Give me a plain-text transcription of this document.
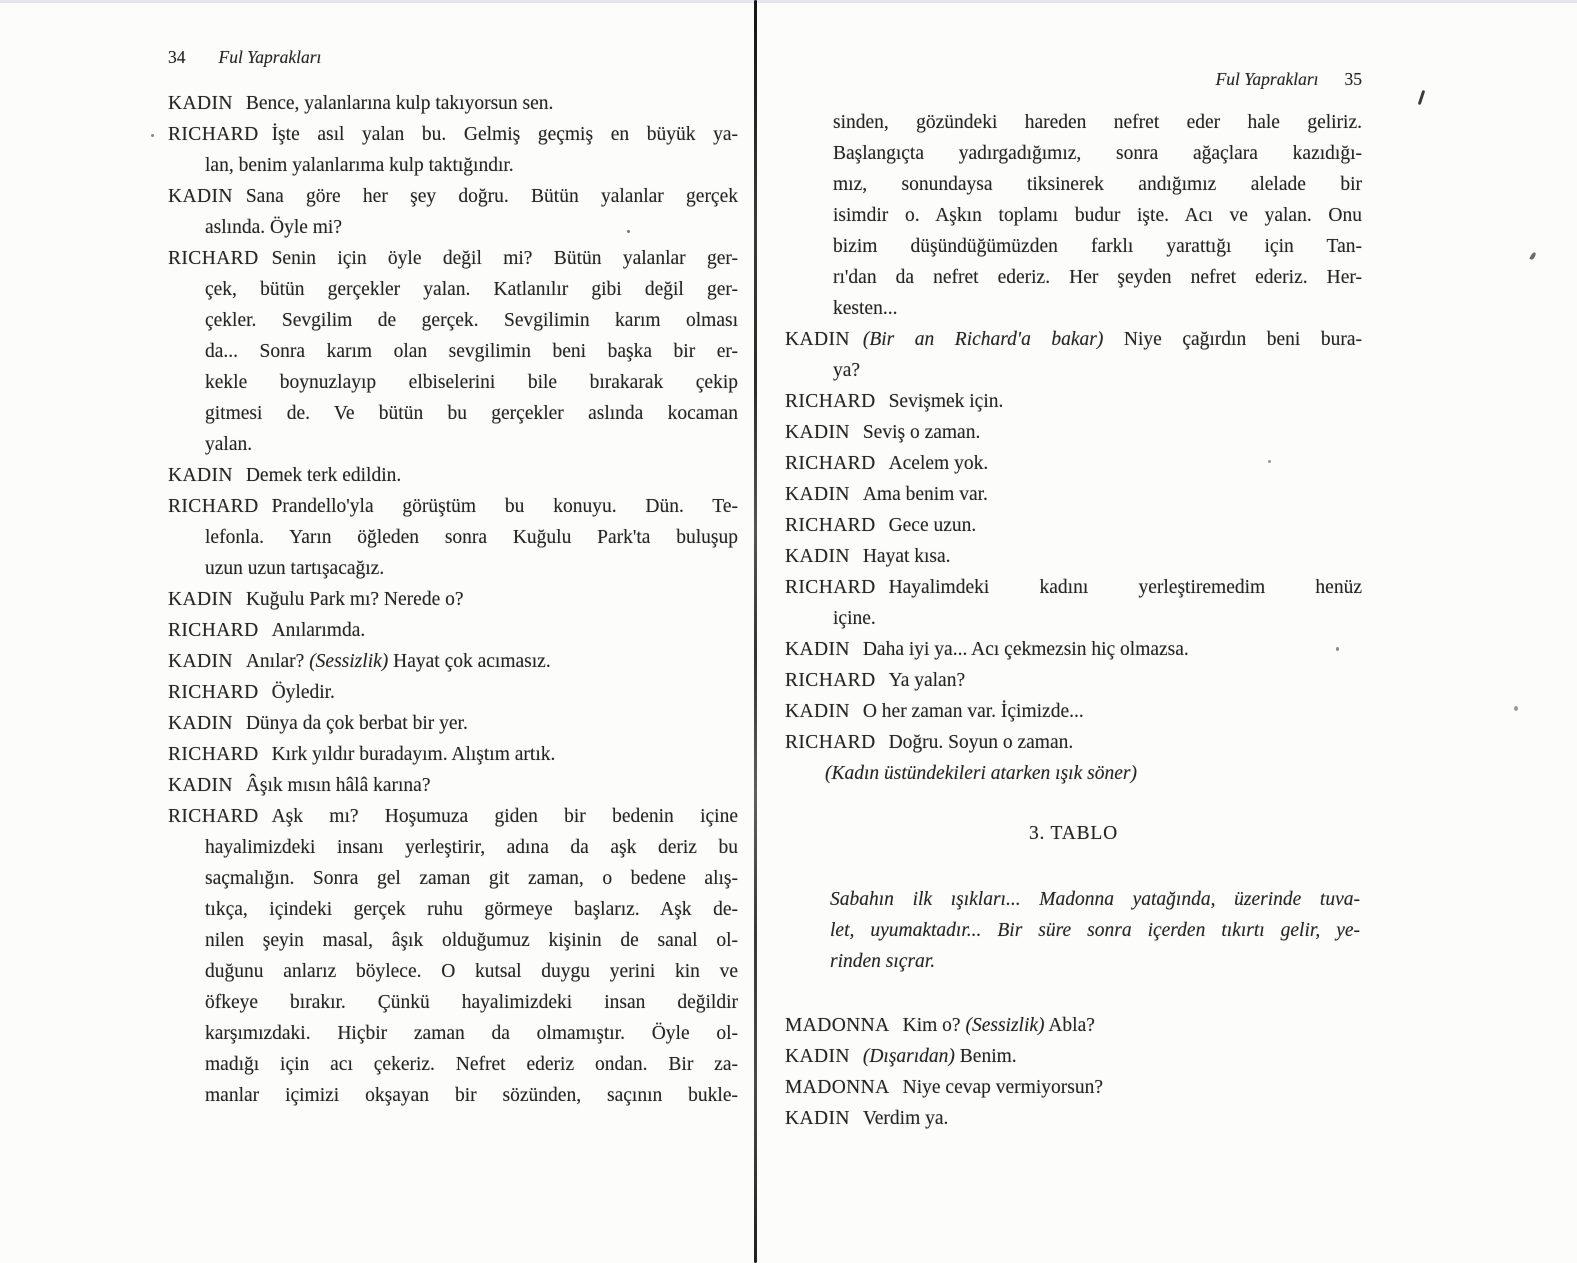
34 Ful Yaprakları
KADIN Bence, yalanlarına kulp takıyorsun sen.
RICHARD İşte asıl yalan bu. Gelmiş geçmiş en büyük ya-
lan, benim yalanlarıma kulp taktığındır.
KADIN Sana göre her şey doğru. Bütün yalanlar gerçek
aslında. Öyle mi?
RICHARD Senin için öyle değil mi? Bütün yalanlar ger-
çek, bütün gerçekler yalan. Katlanılır gibi değil ger-
çekler. Sevgilim de gerçek. Sevgilimin karım olması
da... Sonra karım olan sevgilimin beni başka bir er-
kekle boynuzlayıp elbiselerini bile bırakarak çekip
gitmesi de. Ve bütün bu gerçekler aslında kocaman
yalan.
KADIN Demek terk edildin.
RICHARD Prandello'yla görüştüm bu konuyu. Dün. Te-
lefonla. Yarın öğleden sonra Kuğulu Park'ta buluşup
uzun uzun tartışacağız.
KADIN Kuğulu Park mı? Nerede o?
RICHARD Anılarımda.
KADIN Anılar? (Sessizlik) Hayat çok acımasız.
RICHARD Öyledir.
KADIN Dünya da çok berbat bir yer.
RICHARD Kırk yıldır buradayım. Alıştım artık.
KADIN Âşık mısın hâlâ karına?
RICHARD Aşk mı? Hoşumuza giden bir bedenin içine
hayalimizdeki insanı yerleştirir, adına da aşk deriz bu
saçmalığın. Sonra gel zaman git zaman, o bedene alış-
tıkça, içindeki gerçek ruhu görmeye başlarız. Aşk de-
nilen şeyin masal, âşık olduğumuz kişinin de sanal ol-
duğunu anlarız böylece. O kutsal duygu yerini kin ve
öfkeye bırakır. Çünkü hayalimizdeki insan değildir
karşımızdaki. Hiçbir zaman da olmamıştır. Öyle ol-
madığı için acı çekeriz. Nefret ederiz ondan. Bir za-
manlar içimizi okşayan bir sözünden, saçının bukle-
Ful Yaprakları 35
sinden, gözündeki hareden nefret eder hale geliriz.
Başlangıçta yadırgadığımız, sonra ağaçlara kazıdığı-
mız, sonundaysa tiksinerek andığımız alelade bir
isimdir o. Aşkın toplamı budur işte. Acı ve yalan. Onu
bizim düşündüğümüzden farklı yarattığı için Tan-
rı'dan da nefret ederiz. Her şeyden nefret ederiz. Her-
kesten...
KADIN (Bir an Richard'a bakar) Niye çağırdın beni bura-
ya?
RICHARD Sevişmek için.
KADIN Seviş o zaman.
RICHARD Acelem yok.
KADIN Ama benim var.
RICHARD Gece uzun.
KADIN Hayat kısa.
RICHARD Hayalimdeki kadını yerleştiremedim henüz
içine.
KADIN Daha iyi ya... Acı çekmezsin hiç olmazsa.
RICHARD Ya yalan?
KADIN O her zaman var. İçimizde...
RICHARD Doğru. Soyun o zaman.
(Kadın üstündekileri atarken ışık söner)
3. TABLO
Sabahın ilk ışıkları... Madonna yatağında, üzerinde tuva-
let, uyumaktadır... Bir süre sonra içerden tıkırtı gelir, ye-
rinden sıçrar.
MADONNA Kim o? (Sessizlik) Abla?
KADIN (Dışarıdan) Benim.
MADONNA Niye cevap vermiyorsun?
KADIN Verdim ya.
